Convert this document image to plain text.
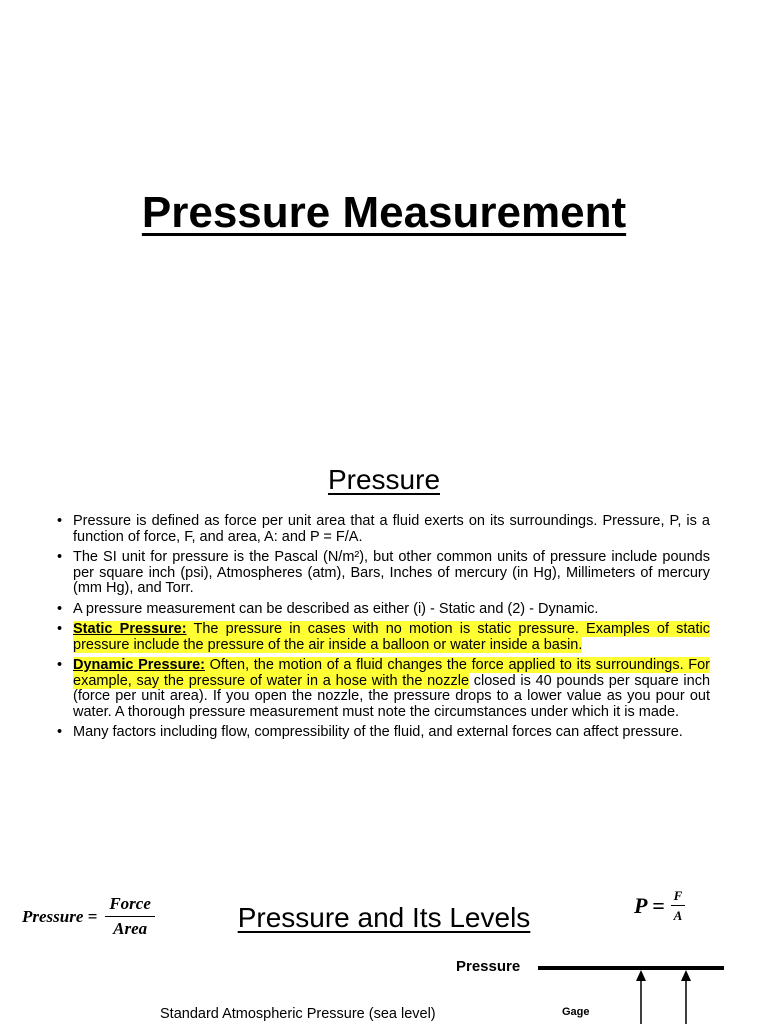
Pressure Measurement
Pressure
• Pressure is defined as force per unit area that a fluid exerts on its surroundings. Pressure, P, is a function of force, F, and area, A: and P = F/A.
• The SI unit for pressure is the Pascal (N/m²), but other common units of pressure include pounds per square inch (psi), Atmospheres (atm), Bars, Inches of mercury (in Hg), Millimeters of mercury (mm Hg), and Torr.
• A pressure measurement can be described as either (i) - Static and (2) - Dynamic.
• Static Pressure: The pressure in cases with no motion is static pressure. Examples of static pressure include the pressure of the air inside a balloon or water inside a basin.
• Dynamic Pressure: Often, the motion of a fluid changes the force applied to its surroundings. For example, say the pressure of water in a hose with the nozzle closed is 40 pounds per square inch (force per unit area). If you open the nozzle, the pressure drops to a lower value as you pour out water. A thorough pressure measurement must note the circumstances under which it is made.
• Many factors including flow, compressibility of the fluid, and external forces can affect pressure.
Pressure = $\frac{\text{Force}}{\text{Area}}$	Pressure and Its Levels	$P = \frac{F}{A}$
Pressure
Standard Atmospheric Pressure (sea level)	Gage
